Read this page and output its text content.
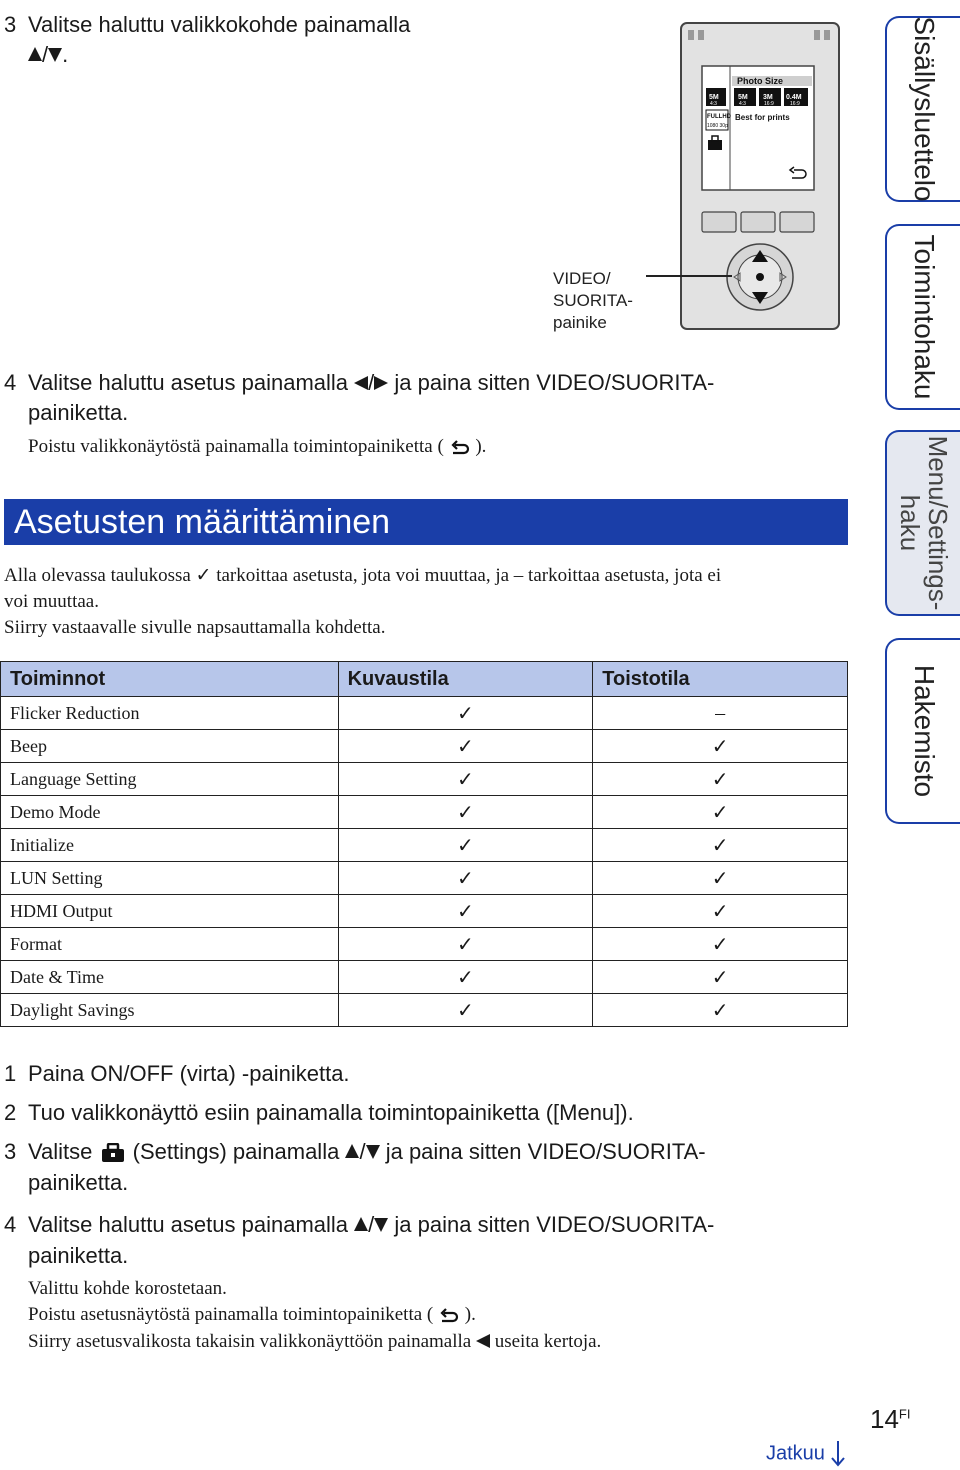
3 Valitse haluttu valikkokohde painamalla
/ .
Photo Size
5M
4:3
FULLHD
1080 30p
5M
4:3
3M
16:9
0.4M
16:9
Best for prints
VIDEO/
SUORITA-
painike
4 Valitse haluttu asetus painamalla / ja paina sitten VIDEO/SUORITA-
painiketta.
Poistu valikkonäytöstä painamalla toimintopainiketta ( ).
Asetusten määrittäminen
Alla olevassa taulukossa ✓ tarkoittaa asetusta, jota voi muuttaa, ja – tarkoittaa asetusta, jota ei
voi muuttaa.
Siirry vastaavalle sivulle napsauttamalla kohdetta.
Toiminnot	Kuvaustila	Toistotila
Flicker Reduction	✓	–
Beep	✓	✓
Language Setting	✓	✓
Demo Mode	✓	✓
Initialize	✓	✓
LUN Setting	✓	✓
HDMI Output	✓	✓
Format	✓	✓
Date & Time	✓	✓
Daylight Savings	✓	✓
1 Paina ON/OFF (virta) -painiketta.
2 Tuo valikkonäyttö esiin painamalla toimintopainiketta ([Menu]).
3 Valitse (Settings) painamalla / ja paina sitten VIDEO/SUORITA-
painiketta.
4 Valitse haluttu asetus painamalla / ja paina sitten VIDEO/SUORITA-
painiketta.
Valittu kohde korostetaan.
Poistu asetusnäytöstä painamalla toimintopainiketta ( ).
Siirry asetusvalikosta takaisin valikkonäyttöön painamalla useita kertoja.
Sisällysluettelo
Toimintohaku
Menu/Settings-
haku
Hakemisto
$14^{FI}$
Jatkuu
